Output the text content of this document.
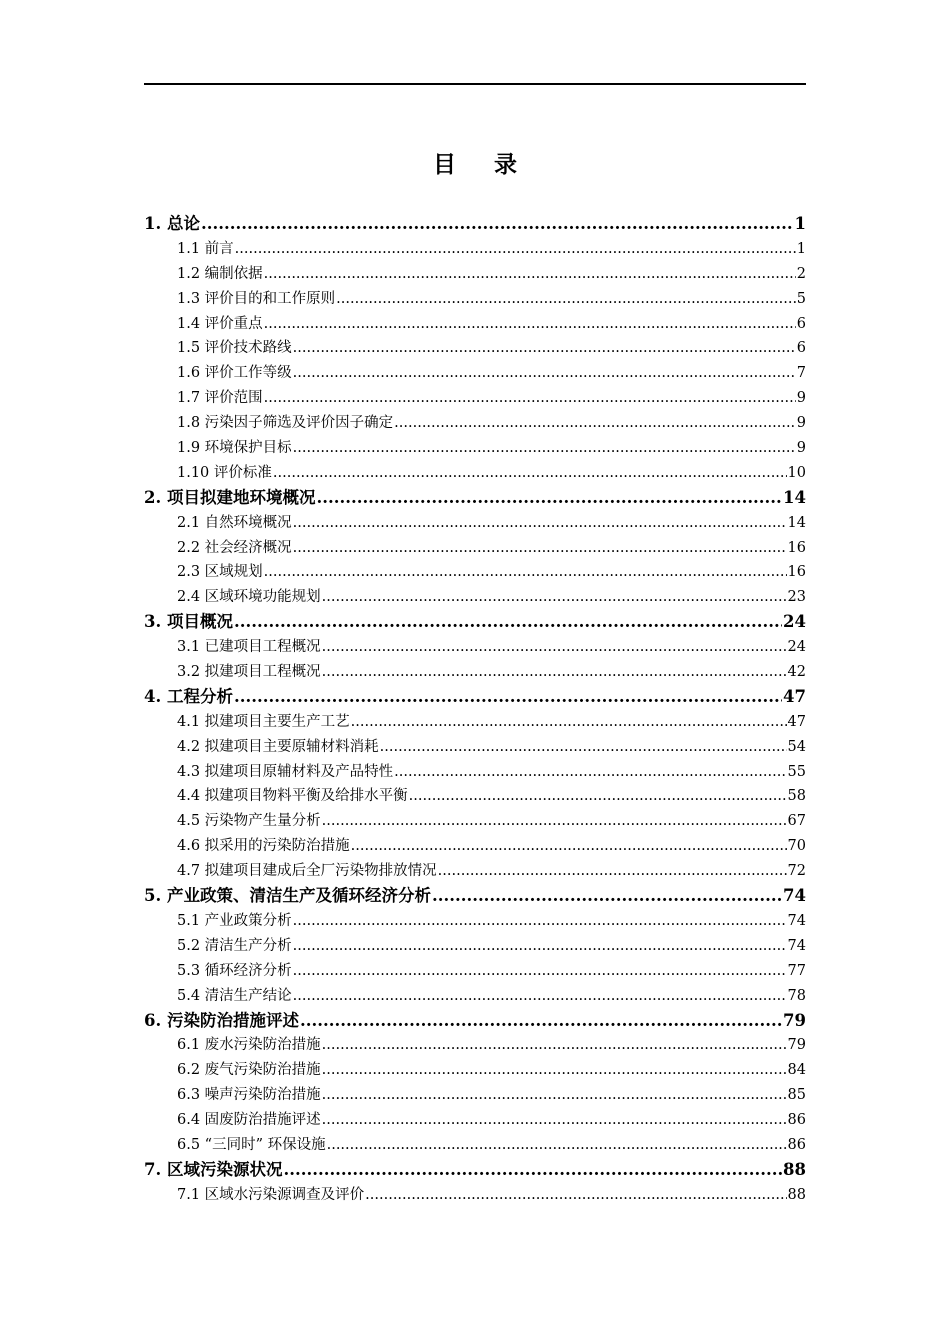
目录
1. 总论 .....	1
1.1 前言 .....	1
1.2 编制依据 .....	2
1.3 评价目的和工作原则 .....	5
1.4 评价重点 .....	6
1.5 评价技术路线 .....	6
1.6 评价工作等级 .....	7
1.7 评价范围 .....	9
1.8 污染因子筛选及评价因子确定 .....	9
1.9 环境保护目标 .....	9
1.10 评价标准 .....	10
2. 项目拟建地环境概况 .....	14
2.1 自然环境概况 .....	14
2.2 社会经济概况 .....	16
2.3 区域规划 .....	16
2.4 区域环境功能规划 .....	23
3. 项目概况 .....	24
3.1 已建项目工程概况 .....	24
3.2 拟建项目工程概况 .....	42
4. 工程分析 .....	47
4.1 拟建项目主要生产工艺 .....	47
4.2 拟建项目主要原辅材料消耗 .....	54
4.3 拟建项目原辅材料及产品特性 .....	55
4.4 拟建项目物料平衡及给排水平衡 .....	58
4.5 污染物产生量分析 .....	67
4.6 拟采用的污染防治措施 .....	70
4.7 拟建项目建成后全厂污染物排放情况 .....	72
5. 产业政策、清洁生产及循环经济分析 .....	74
5.1 产业政策分析 .....	74
5.2 清洁生产分析 .....	74
5.3 循环经济分析 .....	77
5.4 清洁生产结论 .....	78
6. 污染防治措施评述 .....	79
6.1 废水污染防治措施 .....	79
6.2 废气污染防治措施 .....	84
6.3 噪声污染防治措施 .....	85
6.4 固废防治措施评述 .....	86
6.5 “三同时” 环保设施 .....	86
7. 区域污染源状况 .....	88
7.1 区域水污染源调查及评价 .....	88
